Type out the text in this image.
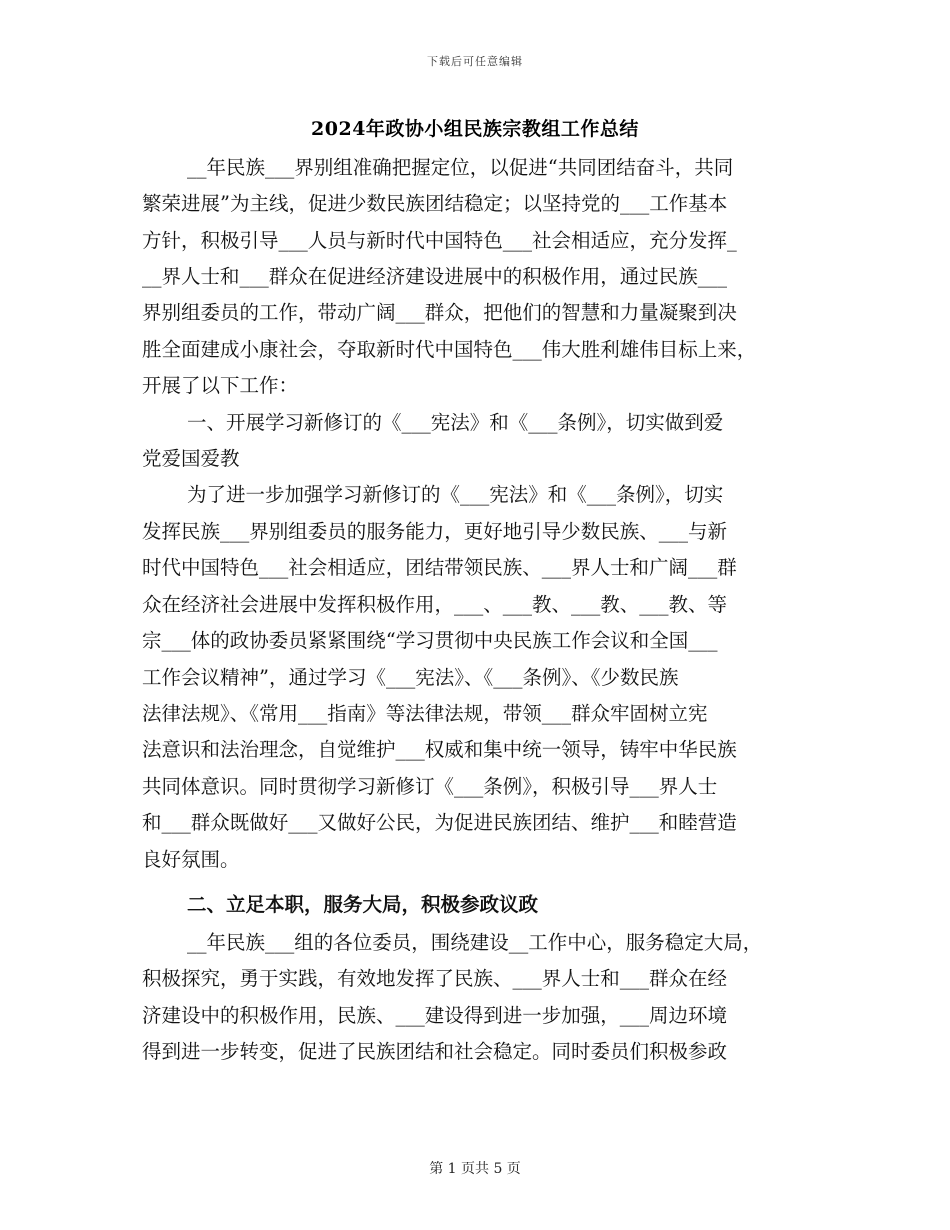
下载后可任意编辑
2024年政协小组民族宗教组工作总结
__年民族___界别组准确把握定位，以促进“共同团结奋斗，共同
繁荣进展”为主线，促进少数民族团结稳定；以坚持党的___工作基本
方针，积极引导___人员与新时代中国特色___社会相适应，充分发挥_
__界人士和___群众在促进经济建设进展中的积极作用，通过民族___
界别组委员的工作，带动广阔___群众，把他们的智慧和力量凝聚到决
胜全面建成小康社会，夺取新时代中国特色___伟大胜利雄伟目标上来，
开展了以下工作：
一、开展学习新修订的《___宪法》和《___条例》，切实做到爱
党爱国爱教
为了进一步加强学习新修订的《___宪法》和《___条例》，切实
发挥民族___界别组委员的服务能力，更好地引导少数民族、___与新
时代中国特色___社会相适应，团结带领民族、___界人士和广阔___群
众在经济社会进展中发挥积极作用，___、___教、___教、___教、等
宗___体的政协委员紧紧围绕“学习贯彻中央民族工作会议和全国___
工作会议精神”，通过学习《___宪法》、《___条例》、《少数民族
法律法规》、《常用___指南》等法律法规，带领___群众牢固树立宪
法意识和法治理念，自觉维护___权威和集中统一领导，铸牢中华民族
共同体意识。同时贯彻学习新修订《___条例》，积极引导___界人士
和___群众既做好___又做好公民，为促进民族团结、维护___和睦营造
良好氛围。
二、立足本职，服务大局，积极参政议政
__年民族___组的各位委员，围绕建设__工作中心，服务稳定大局，
积极探究，勇于实践，有效地发挥了民族、___界人士和___群众在经
济建设中的积极作用，民族、___建设得到进一步加强，___周边环境
得到进一步转变，促进了民族团结和社会稳定。同时委员们积极参政
第 1 页共 5 页
